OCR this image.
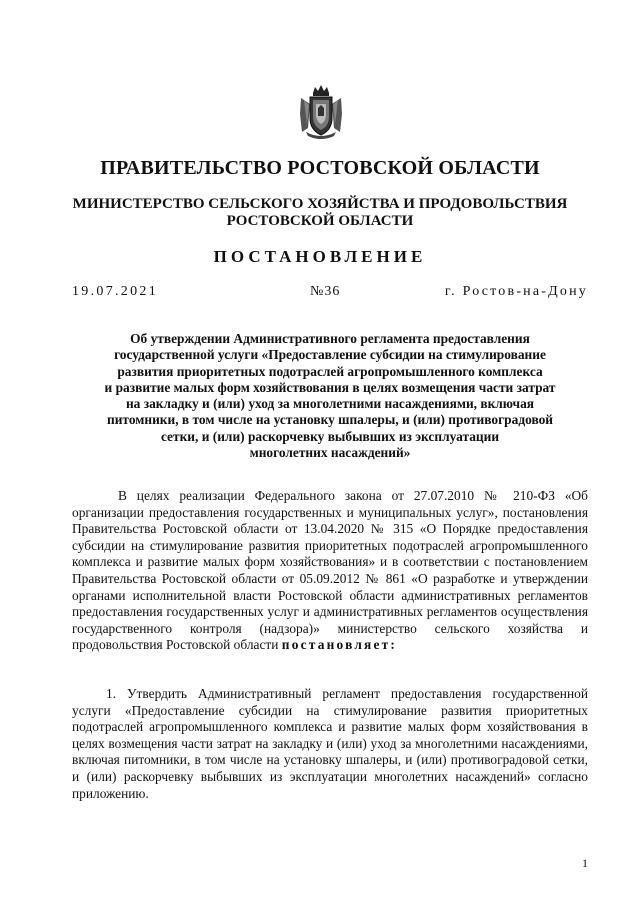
ПРАВИТЕЛЬСТВО РОСТОВСКОЙ ОБЛАСТИ
МИНИСТЕРСТВО СЕЛЬСКОГО ХОЗЯЙСТВА И ПРОДОВОЛЬСТВИЯ
РОСТОВСКОЙ ОБЛАСТИ
ПОСТАНОВЛЕНИЕ
19.07.2021	№36	г. Ростов-на-Дону
Об утверждении Административного регламента предоставления
государственной услуги «Предоставление субсидии на стимулирование
развития приоритетных подотраслей агропромышленного комплекса
и развитие малых форм хозяйствования в целях возмещения части затрат
на закладку и (или) уход за многолетними насаждениями, включая
питомники, в том числе на установку шпалеры, и (или) противоградовой
сетки, и (или) раскорчевку выбывших из эксплуатации
многолетних насаждений»

В целях реализации Федерального закона от 27.07.2010 № 210-ФЗ «Об организации предоставления государственных и муниципальных услуг», постановления Правительства Ростовской области от 13.04.2020 № 315 «О Порядке предоставления субсидии на стимулирование развития приоритетных подотраслей агропромышленного комплекса и развитие малых форм хозяйствования» и в соответствии с постановлением Правительства Ростовской области от 05.09.2012 № 861 «О разработке и утверждении органами исполнительной власти Ростовской области административных регламентов предоставления государственных услуг и административных регламентов осуществления государственного контроля (надзора)» министерство сельского хозяйства и продовольствия Ростовской области постановляет:

1. Утвердить Административный регламент предоставления государственной услуги «Предоставление субсидии на стимулирование развития приоритетных подотраслей агропромышленного комплекса и развитие малых форм хозяйствования в целях возмещения части затрат на закладку и (или) уход за многолетними насаждениями, включая питомники, в том числе на установку шпалеры, и (или) противоградовой сетки, и (или) раскорчевку выбывших из эксплуатации многолетних насаждений» согласно приложению.

1
